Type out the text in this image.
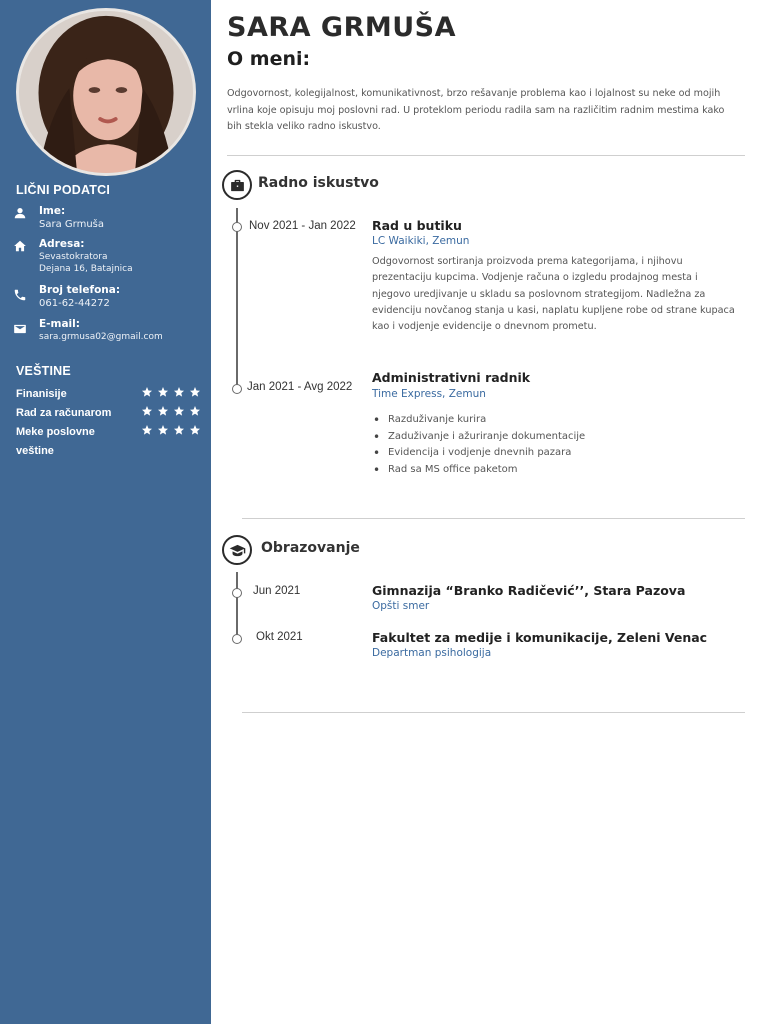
LIČNI PODATCI
Ime:
Sara Grmuša
Adresa:
Sevastokratora
Dejana 16, Batajnica
Broj telefona:
061-62-44272
E-mail:
sara.grmusa02@gmail.com
VEŠTINE
Finanisije
Rad za računarom
Meke poslovne veštine
SARA GRMUŠA
O meni:
Odgovornost, kolegijalnost, komunikativnost, brzo rešavanje problema kao i lojalnost su neke od mojih vrlina koje opisuju moj poslovni rad. U proteklom periodu radila sam na različitim radnim mestima kako bih stekla veliko radno iskustvo.
Radno iskustvo
Nov 2021 - Jan 2022 Rad u butiku
LC Waikiki, Zemun
Odgovornost sortiranja proizvoda prema kategorijama, i njihovu prezentaciju kupcima. Vodjenje računa o izgledu prodajnog mesta i njegovo uredjivanje u skladu sa poslovnom strategijom. Nadležna za evidenciju novčanog stanja u kasi, naplatu kupljene robe od strane kupaca kao i vodjenje evidencije o dnevnom prometu.
Jan 2021 - Avg 2022
Administrativni radnik
Time Express, Zemun
• Razduživanje kurira
• Zaduživanje i ažuriranje dokumentacije
• Evidencija i vodjenje dnevnih pazara
• Rad sa MS office paketom
Obrazovanje
Jun 2021	Gimnazija “Branko Radičević’’, Stara Pazova
Opšti smer
Okt 2021	Fakultet za medije i komunikacije, Zeleni Venac
Departman psihologija
